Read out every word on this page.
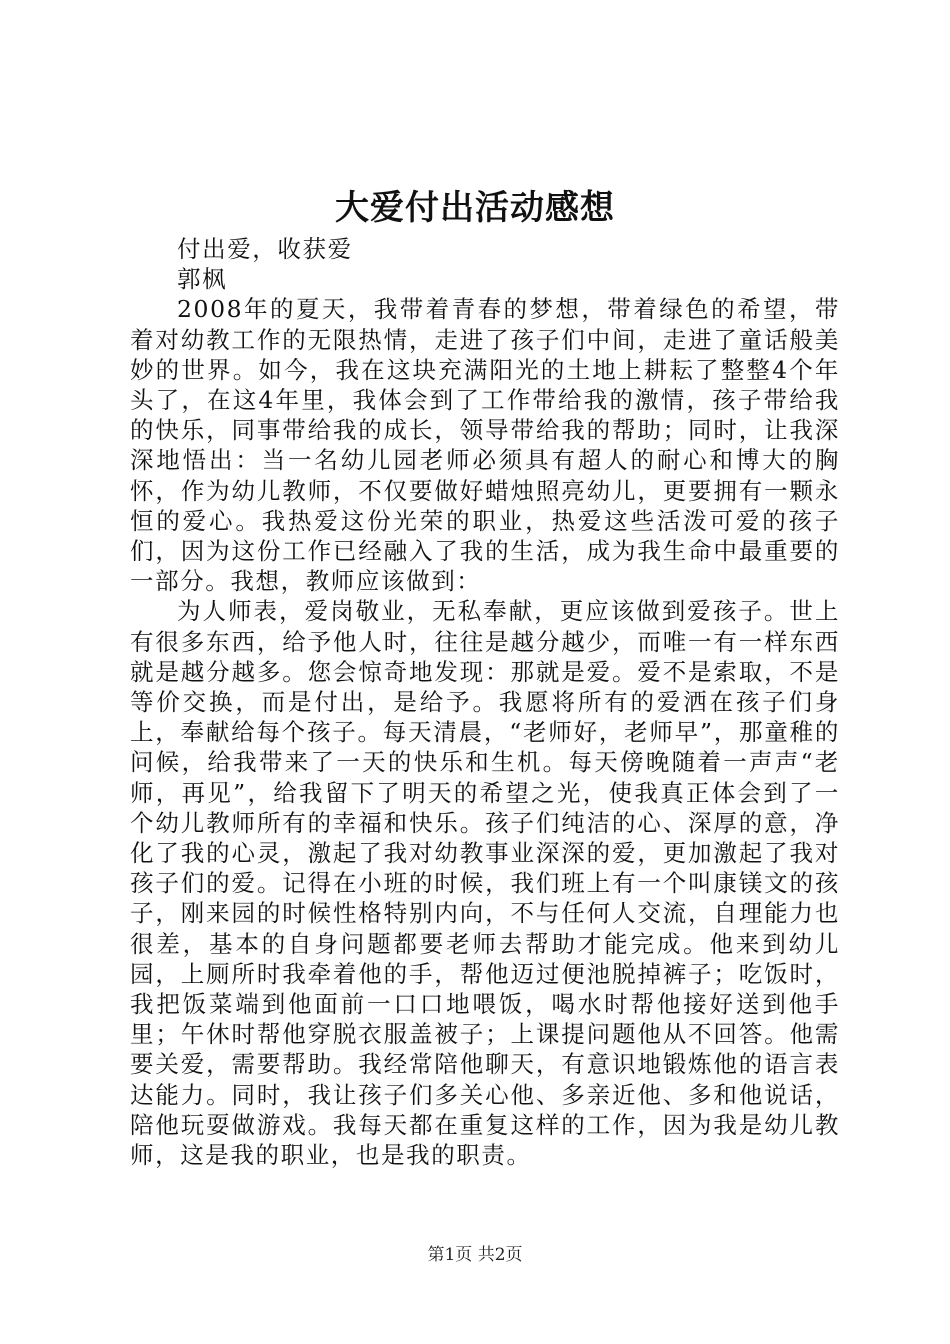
大爱付出活动感想

付出爱，收获爱

郭枫

2008年的夏天，我带着青春的梦想，带着绿色的希望，带着对幼教工作的无限热情，走进了孩子们中间，走进了童话般美妙的世界。如今，我在这块充满阳光的土地上耕耘了整整4个年头了，在这4年里，我体会到了工作带给我的激情，孩子带给我的快乐，同事带给我的成长，领导带给我的帮助；同时，让我深深地悟出：当一名幼儿园老师必须具有超人的耐心和博大的胸怀，作为幼儿教师，不仅要做好蜡烛照亮幼儿，更要拥有一颗永恒的爱心。我热爱这份光荣的职业，热爱这些活泼可爱的孩子们，因为这份工作已经融入了我的生活，成为我生命中最重要的一部分。我想，教师应该做到：

为人师表，爱岗敬业，无私奉献，更应该做到爱孩子。世上有很多东西，给予他人时，往往是越分越少，而唯一有一样东西就是越分越多。您会惊奇地发现：那就是爱。爱不是索取，不是等价交换，而是付出，是给予。我愿将所有的爱洒在孩子们身上，奉献给每个孩子。每天清晨，“老师好，老师早”，那童稚的问候，给我带来了一天的快乐和生机。每天傍晚随着一声声“老师，再见”，给我留下了明天的希望之光，使我真正体会到了一个幼儿教师所有的幸福和快乐。孩子们纯洁的心、深厚的意，净化了我的心灵，激起了我对幼教事业深深的爱，更加激起了我对孩子们的爱。记得在小班的时候，我们班上有一个叫康镁文的孩子，刚来园的时候性格特别内向，不与任何人交流，自理能力也很差，基本的自身问题都要老师去帮助才能完成。他来到幼儿园，上厕所时我牵着他的手，帮他迈过便池脱掉裤子；吃饭时，我把饭菜端到他面前一口口地喂饭，喝水时帮他接好送到他手里；午休时帮他穿脱衣服盖被子；上课提问题他从不回答。他需要关爱，需要帮助。我经常陪他聊天，有意识地锻炼他的语言表达能力。同时，我让孩子们多关心他、多亲近他、多和他说话，陪他玩耍做游戏。我每天都在重复这样的工作，因为我是幼儿教师，这是我的职业，也是我的职责。

第1页 共2页
